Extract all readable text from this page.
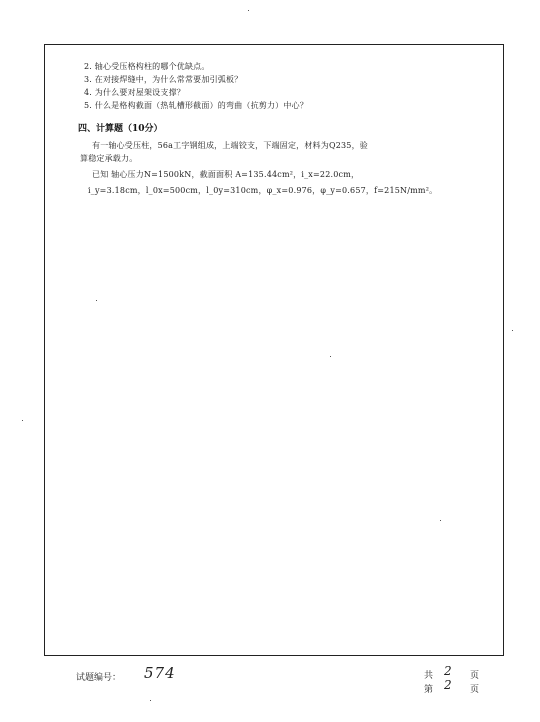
2. 轴心受压格构柱的哪个优缺点。
3. 在对接焊缝中，为什么常常要加引弧板？
4. 为什么要对屋架设支撑？
5. 什么是格构截面（热轧槽形截面）的弯曲（抗剪力）中心？
四、计算题（10分）
有一轴心受压柱，56a工字钢组成，上端铰支，下端固定，材料为Q235，验
算稳定承载力。
已知 轴心压力N=1500kN，截面面积 A=135.44cm²，i_x=22.0cm，
i_y=3.18cm，l_0x=500cm，l_0y=310cm，φ_x=0.976，φ_y=0.657，f=215N/mm²。
试题编号： 574	共 2 页
第 2 页
